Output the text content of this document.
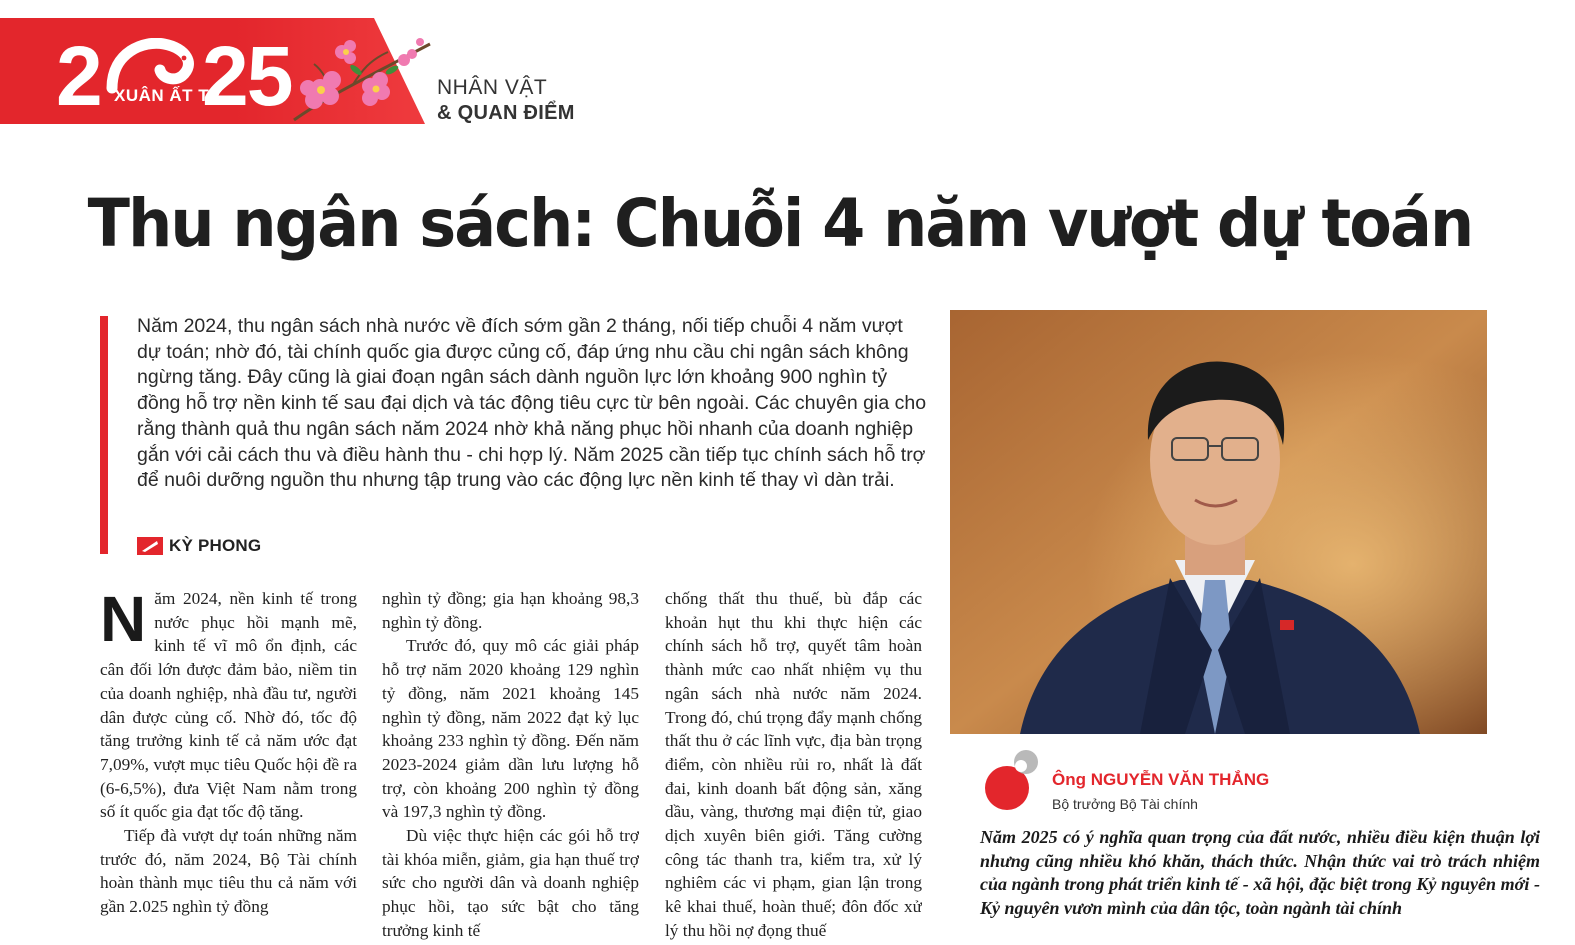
2 25
XUÂN ẤT TỴ	NHÂN VẬT
& QUAN ĐIỂM
Thu ngân sách: Chuỗi 4 năm vượt dự toán

Năm 2024, thu ngân sách nhà nước về đích sớm gần 2 tháng, nối tiếp chuỗi 4 năm vượt dự toán; nhờ đó, tài chính quốc gia được củng cố, đáp ứng nhu cầu chi ngân sách không ngừng tăng. Đây cũng là giai đoạn ngân sách dành nguồn lực lớn khoảng 900 nghìn tỷ đồng hỗ trợ nền kinh tế sau đại dịch và tác động tiêu cực từ bên ngoài. Các chuyên gia cho rằng thành quả thu ngân sách năm 2024 nhờ khả năng phục hồi nhanh của doanh nghiệp gắn với cải cách thu và điều hành thu - chi hợp lý. Năm 2025 cần tiếp tục chính sách hỗ trợ để nuôi dưỡng nguồn thu nhưng tập trung vào các động lực nền kinh tế thay vì dàn trải.

KỲ PHONG
N ăm 2024, nền kinh tế trong nước phục hồi mạnh mẽ, kinh tế vĩ mô ổn định, các cân đối lớn được đảm bảo, niềm tin của doanh nghiệp, nhà đầu tư, người dân được củng cố. Nhờ đó, tốc độ tăng trưởng kinh tế cả năm ước đạt 7,09%, vượt mục tiêu Quốc hội đề ra (6-6,5%), đưa Việt Nam nằm trong số ít quốc gia đạt tốc độ tăng.

Tiếp đà vượt dự toán những năm trước đó, năm 2024, Bộ Tài chính hoàn thành mục tiêu thu cả năm với gần 2.025 nghìn tỷ đồng

nghìn tỷ đồng; gia hạn khoảng 98,3 nghìn tỷ đồng.

Trước đó, quy mô các giải pháp hỗ trợ năm 2020 khoảng 129 nghìn tỷ đồng, năm 2021 khoảng 145 nghìn tỷ đồng, năm 2022 đạt kỷ lục khoảng 233 nghìn tỷ đồng. Đến năm 2023-2024 giảm dần lưu lượng hỗ trợ, còn khoảng 200 nghìn tỷ đồng và 197,3 nghìn tỷ đồng.

Dù việc thực hiện các gói hỗ trợ tài khóa miễn, giảm, gia hạn thuế trợ sức cho người dân và doanh nghiệp phục hồi, tạo sức bật cho tăng trưởng kinh tế

chống thất thu thuế, bù đắp các khoản hụt thu khi thực hiện các chính sách hỗ trợ, quyết tâm hoàn thành mức cao nhất nhiệm vụ thu ngân sách nhà nước năm 2024. Trong đó, chú trọng đẩy mạnh chống thất thu ở các lĩnh vực, địa bàn trọng điểm, còn nhiều rủi ro, nhất là đất đai, kinh doanh bất động sản, xăng dầu, vàng, thương mại điện tử, giao dịch xuyên biên giới. Tăng cường công tác thanh tra, kiểm tra, xử lý nghiêm các vi phạm, gian lận trong kê khai thuế, hoàn thuế; đôn đốc xử lý thu hồi nợ đọng thuế

Ông NGUYỄN VĂN THẮNG
Bộ trưởng Bộ Tài chính

Năm 2025 có ý nghĩa quan trọng của đất nước, nhiều điều kiện thuận lợi nhưng cũng nhiều khó khăn, thách thức. Nhận thức vai trò trách nhiệm của ngành trong phát triển kinh tế - xã hội, đặc biệt trong Kỷ nguyên mới - Kỷ nguyên vươn mình của dân tộc, toàn ngành tài chính
